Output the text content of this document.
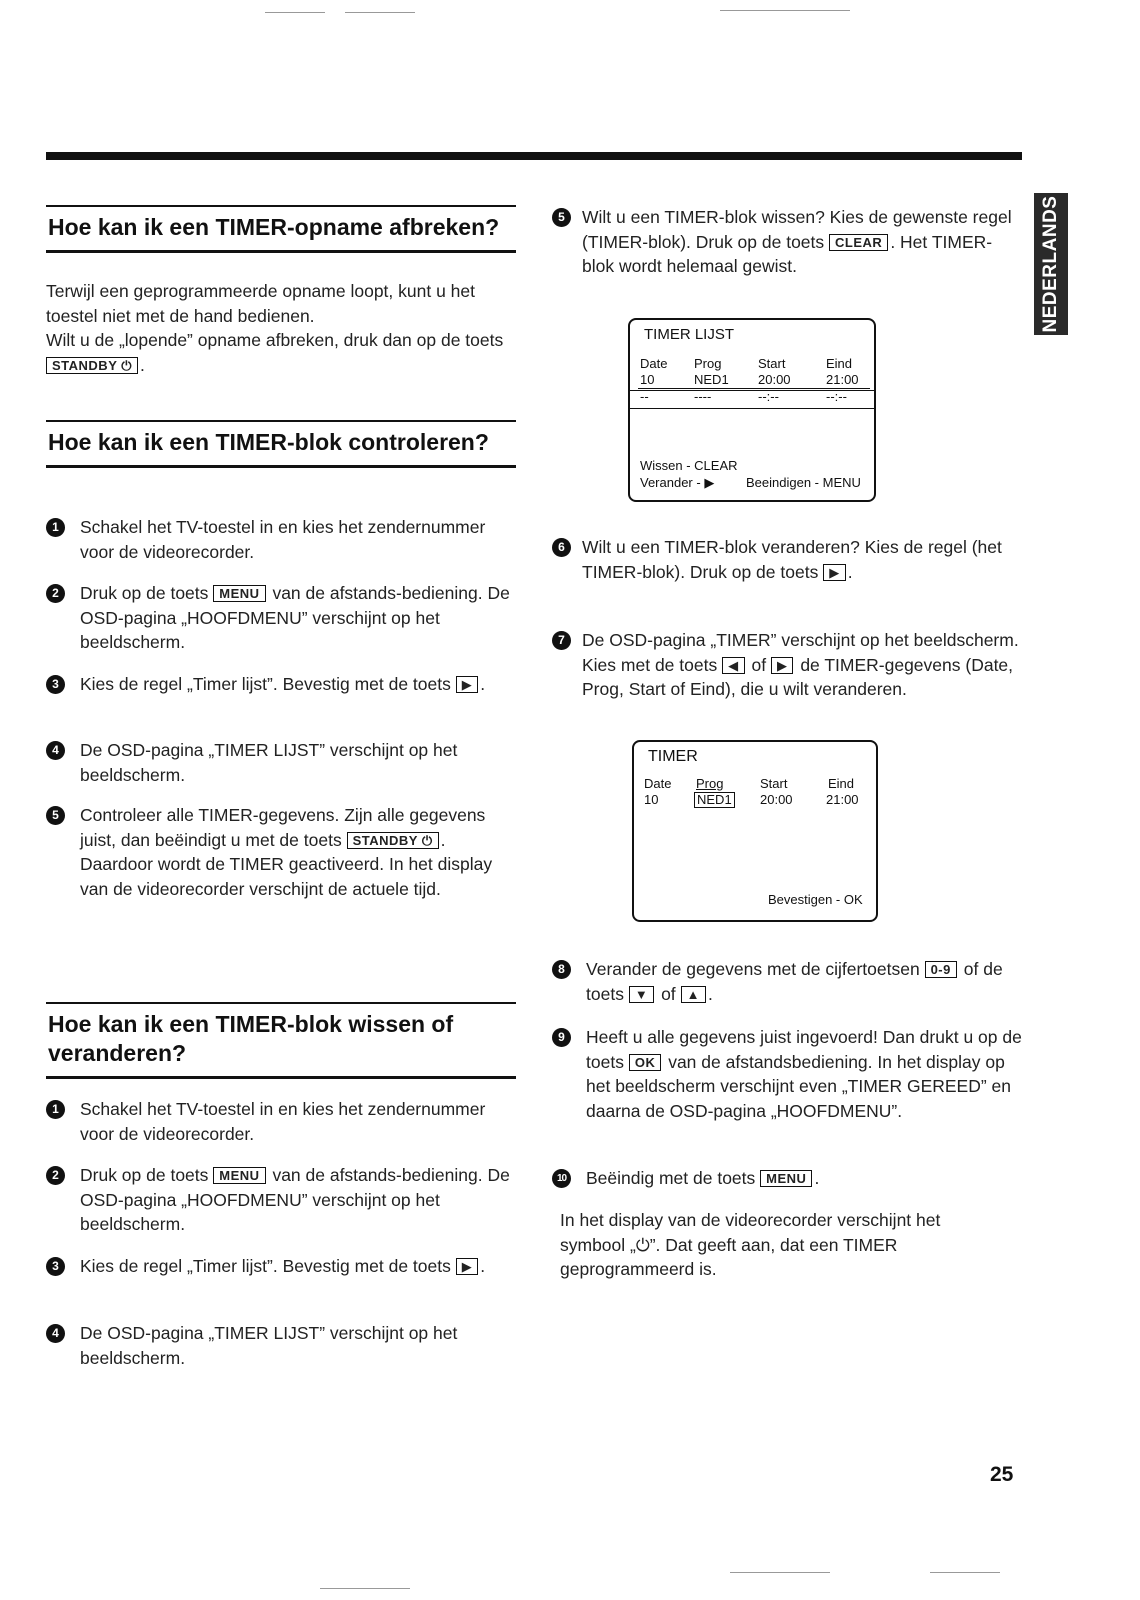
NEDERLANDS
Hoe kan ik een TIMER-opname afbreken?
Terwijl een geprogrammeerde opname loopt, kunt u het toestel niet met de hand bedienen.
Wilt u de „lopende” opname afbreken, druk dan op de toets STANDBY ⏻ .
Hoe kan ik een TIMER-blok controleren?
1	Schakel het TV-toestel in en kies het zendernummer voor de videorecorder.
2	Druk op de toets MENU van de afstands-bediening. De OSD-pagina „HOOFDMENU” verschijnt op het beeldscherm.
3	Kies de regel „Timer lijst”. Bevestig met de toets ▶ .
4	De OSD-pagina „TIMER LIJST” verschijnt op het beeldscherm.
5	Controleer alle TIMER-gegevens. Zijn alle gegevens juist, dan beëindigt u met de toets STANDBY ⏻ . Daardoor wordt de TIMER geactiveerd. In het display van de videorecorder verschijnt de actuele tijd.
Hoe kan ik een TIMER-blok wissen of veranderen?
1	Schakel het TV-toestel in en kies het zendernummer voor de videorecorder.
2	Druk op de toets MENU van de afstands-bediening. De OSD-pagina „HOOFDMENU” verschijnt op het beeldscherm.
3	Kies de regel „Timer lijst”. Bevestig met de toets ▶ .
4	De OSD-pagina „TIMER LIJST” verschijnt op het beeldscherm.
5 Wilt u een TIMER-blok wissen? Kies de gewenste regel (TIMER-blok). Druk op de toets CLEAR . Het TIMER-blok wordt helemaal gewist.
TIMER LIJST
Date Prog	Start	Eind
10	NED1 20:00	21:00
--	----	--:--	--:--
Wissen - CLEAR
Verander - ▶ Beeindigen - MENU
6 Wilt u een TIMER-blok veranderen? Kies de regel (het TIMER-blok). Druk op de toets ▶ .
7 De OSD-pagina „TIMER” verschijnt op het beeldscherm. Kies met de toets ◀ of ▶ de TIMER-gegevens (Date, Prog, Start of Eind), die u wilt veranderen.
TIMER
Date Prog	Start	Eind
10	NED1 20:00	21:00
Bevestigen - OK
8	Verander de gegevens met de cijfertoetsen 0-9 of de toets ▼ of ▲ .
9	Heeft u alle gegevens juist ingevoerd! Dan drukt u op de toets OK van de afstandsbediening. In het display op het beeldscherm verschijnt even „TIMER GEREED” en daarna de OSD-pagina „HOOFDMENU”.
10 Beëindig met de toets MENU .
In het display van de videorecorder verschijnt het symbool „⏻”. Dat geeft aan, dat een TIMER geprogrammeerd is.
25
